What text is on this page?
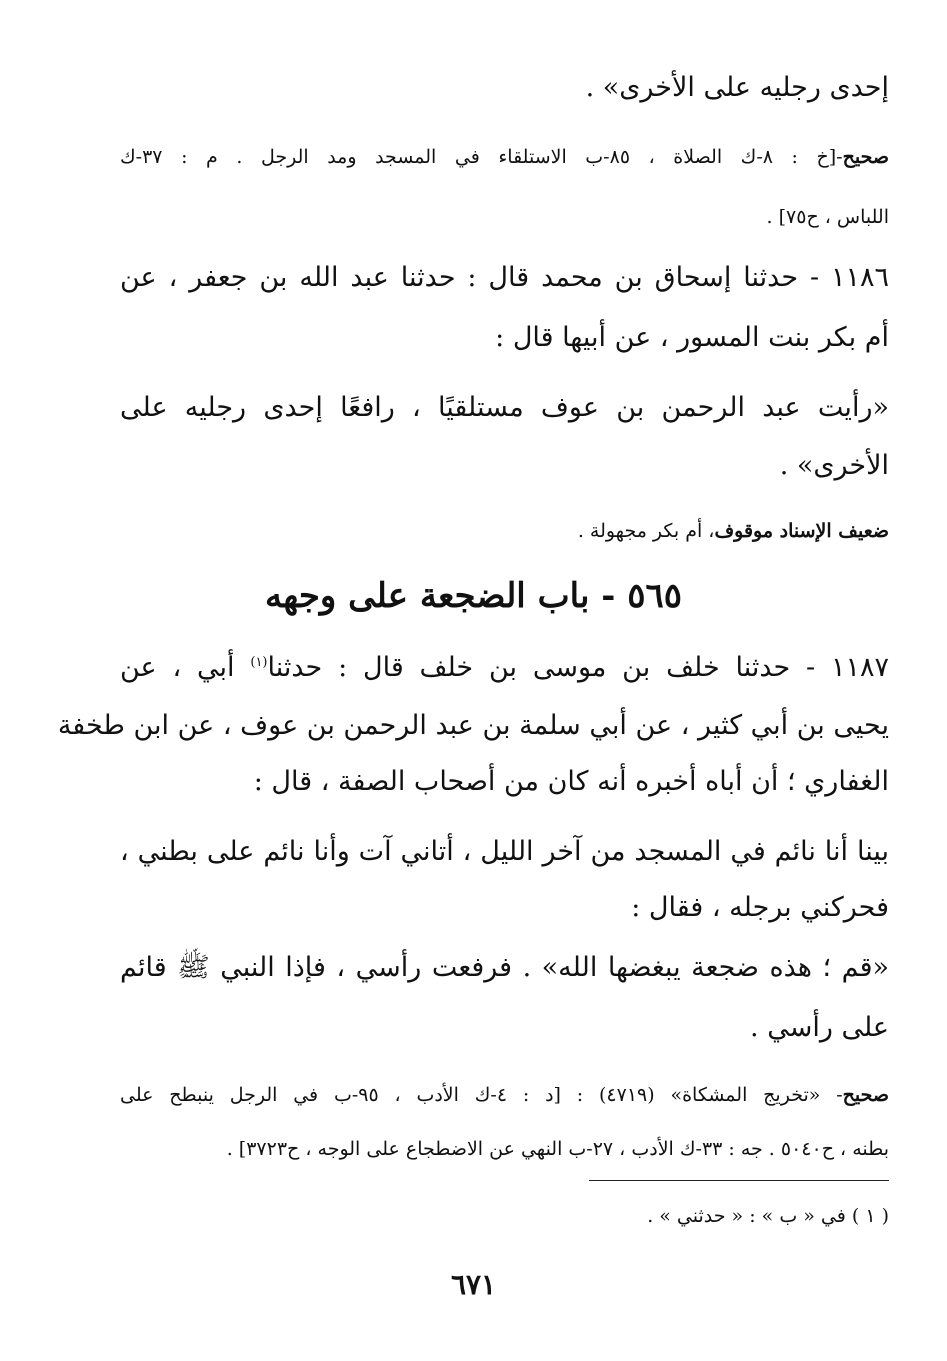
إحدى رجليه على الأخرى» .
صحيح-[خ : ٨-ك الصلاة ، ٨٥-ب الاستلقاء في المسجد ومد الرجل . م : ٣٧-ك
اللباس ، ح٧٥] .
١١٨٦ - حدثنا إسحاق بن محمد قال : حدثنا عبد الله بن جعفر ، عن
أم بكر بنت المسور ، عن أبيها قال :
«رأيت عبد الرحمن بن عوف مستلقيًا ، رافعًا إحدى رجليه على
الأخرى» .
ضعيف الإسناد موقوف، أم بكر مجهولة .
٥٦٥ - باب الضجعة على وجهه
١١٨٧ - حدثنا خلف بن موسى بن خلف قال : حدثنا$^{(١)}$ أبي ، عن
يحيى بن أبي كثير ، عن أبي سلمة بن عبد الرحمن بن عوف ، عن ابن طخفة
الغفاري ؛ أن أباه أخبره أنه كان من أصحاب الصفة ، قال :
بينا أنا نائم في المسجد من آخر الليل ، أتاني آت وأنا نائم على بطني ،
فحركني برجله ، فقال :
«قم ؛ هذه ضجعة يبغضها الله» . فرفعت رأسي ، فإذا النبي ﷺ قائم
على رأسي .
صحيح- «تخريج المشكاة» (٤٧١٩) : [د : ٤-ك الأدب ، ٩٥-ب في الرجل ينبطح على
بطنه ، ح٥٠٤٠ . جه : ٣٣-ك الأدب ، ٢٧-ب النهي عن الاضطجاع على الوجه ، ح٣٧٢٣] .
( ١ ) في « ب » : « حدثني » .
٦٧١
